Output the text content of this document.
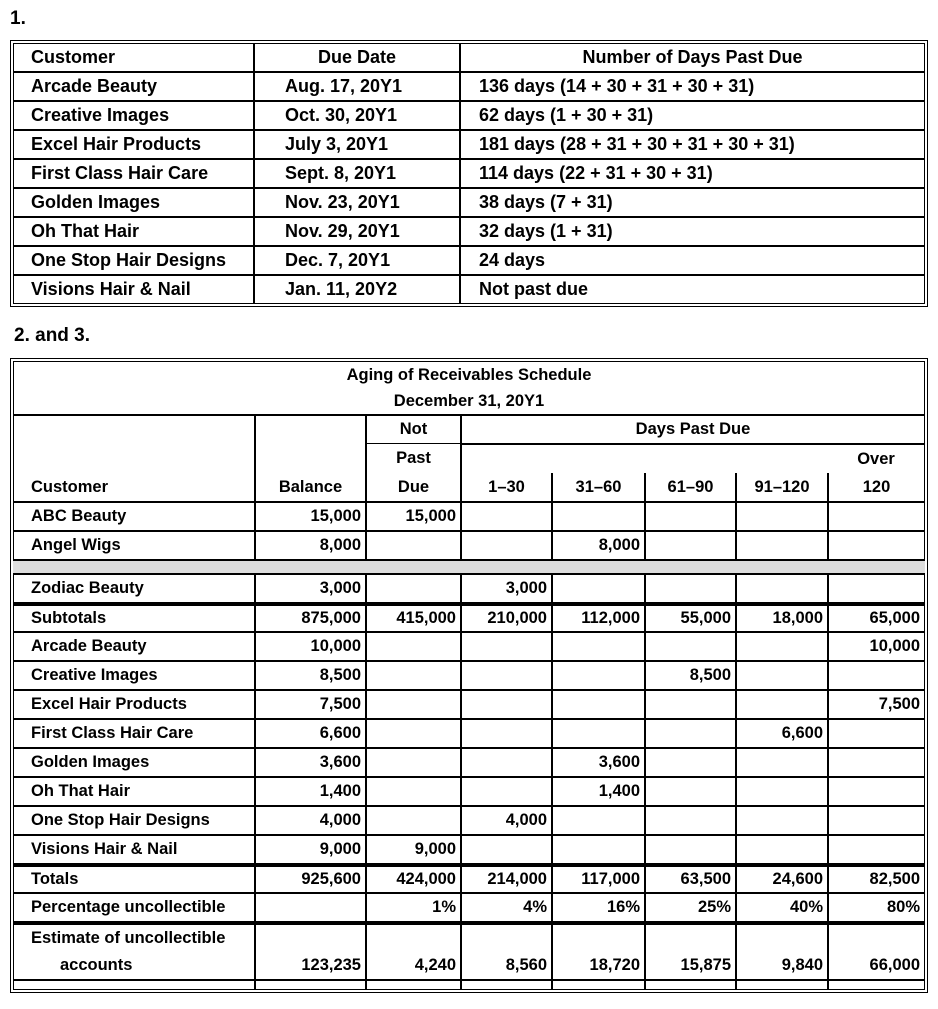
1.
Customer	Due Date	Number of Days Past Due
Arcade Beauty	Aug. 17, 20Y1	136 days (14 + 30 + 31 + 30 + 31)
Creative Images	Oct. 30, 20Y1	62 days (1 + 30 + 31)
Excel Hair Products	July 3, 20Y1	181 days (28 + 31 + 30 + 31 + 30 + 31)
First Class Hair Care	Sept. 8, 20Y1	114 days (22 + 31 + 30 + 31)
Golden Images	Nov. 23, 20Y1	38 days (7 + 31)
Oh That Hair	Nov. 29, 20Y1	32 days (1 + 31)
One Stop Hair Designs	Dec. 7, 20Y1	24 days
Visions Hair & Nail	Jan. 11, 20Y2	Not past due
2. and 3.
Aging of Receivables Schedule							
December 31, 20Y1							
Customer	Balance	Not	Days Past Due				
		Past					Over
		Due	1–30	31–60	61–90	91–120	120
ABC Beauty	15,000	15,000					
Angel Wigs	8,000			8,000			

Zodiac Beauty	3,000		3,000				
Subtotals	875,000	415,000	210,000	112,000	55,000	18,000	65,000
Arcade Beauty	10,000						10,000
Creative Images	8,500				8,500		
Excel Hair Products	7,500						7,500
First Class Hair Care	6,600					6,600	
Golden Images	3,600			3,600			
Oh That Hair	1,400			1,400			
One Stop Hair Designs	4,000		4,000				
Visions Hair & Nail	9,000	9,000					
Totals	925,600	424,000	214,000	117,000	63,500	24,600	82,500
Percentage uncollectible		1%	4%	16%	25%	40%	80%
Estimate of uncollectible							
accounts	123,235	4,240	8,560	18,720	15,875	9,840	66,000
